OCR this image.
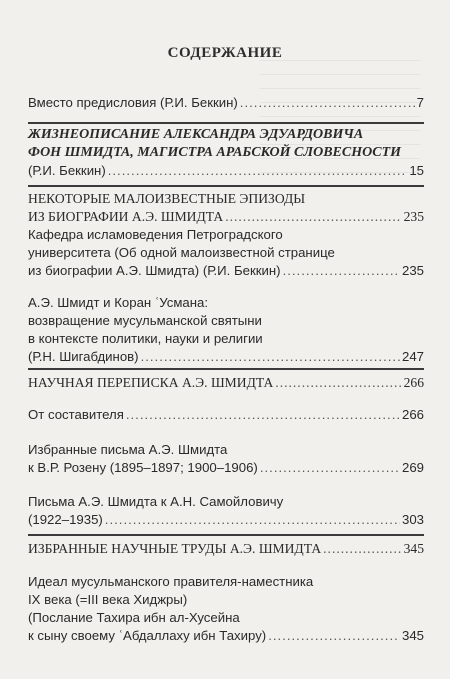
СОДЕРЖАНИЕ
Вместо предисловия (Р.И. Беккин) .....	7
ЖИЗНЕОПИСАНИЕ АЛЕКСАНДРА ЭДУАРДОВИЧА
ФОН ШМИДТА, МАГИСТРА АРАБСКОЙ СЛОВЕСНОСТИ
(Р.И. Беккин) .....	15
НЕКОТОРЫЕ МАЛОИЗВЕСТНЫЕ ЭПИЗОДЫ
ИЗ БИОГРАФИИ А.Э. ШМИДТА .....	235
Кафедра исламоведения Петроградского
университета (Об одной малоизвестной странице
из биографии А.Э. Шмидта) (Р.И. Беккин) .....	235
А.Э. Шмидт и Коран ʿУсмана:
возвращение мусульманской святыни
в контексте политики, науки и религии
(Р.Н. Шигабдинов) .....	247
НАУЧНАЯ ПЕРЕПИСКА А.Э. ШМИДТА .....	266
От составителя .....	266
Избранные письма А.Э. Шмидта
к В.Р. Розену (1895–1897; 1900–1906) .....	269
Письма А.Э. Шмидта к А.Н. Самойловичу
(1922–1935) .....	303
ИЗБРАННЫЕ НАУЧНЫЕ ТРУДЫ А.Э. ШМИДТА .....	345
Идеал мусульманского правителя-наместника
IX века (=III века Хиджры)
(Послание Тахира ибн ал-Хусейна
к сыну своему ʿАбдаллаху ибн Тахиру) .....	345
